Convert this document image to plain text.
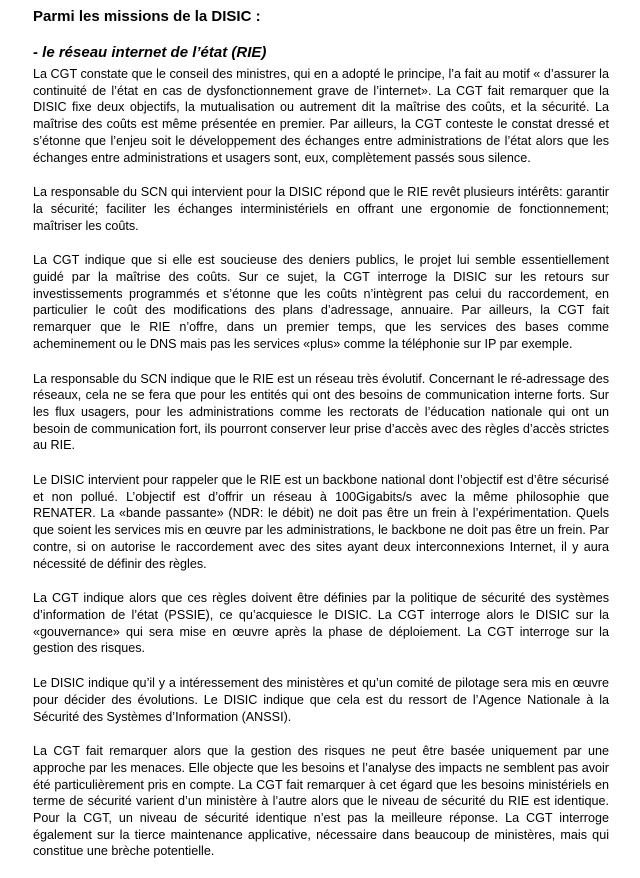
Parmi les missions de la DISIC :
- le réseau internet de l’état (RIE)

La CGT constate que le conseil des ministres, qui en a adopté le principe, l’a fait au motif « d’assurer la continuité de l’état en cas de dysfonctionnement grave de l’internet». La CGT fait remarquer que la DISIC fixe deux objectifs, la mutualisation ou autrement dit la maîtrise des coûts, et la sécurité. La maîtrise des coûts est même présentée en premier. Par ailleurs, la CGT conteste le constat dressé et s’étonne que l’enjeu soit le développement des échanges entre administrations de l’état alors que les échanges entre administrations et usagers sont, eux, complètement passés sous silence.

La responsable du SCN qui intervient pour la DISIC répond que le RIE revêt plusieurs intérêts: garantir la sécurité; faciliter les échanges interministériels en offrant une ergonomie de fonctionnement; maîtriser les coûts.

La CGT indique que si elle est soucieuse des deniers publics, le projet lui semble essentiellement guidé par la maîtrise des coûts. Sur ce sujet, la CGT interroge la DISIC sur les retours sur investissements programmés et s’étonne que les coûts n’intègrent pas celui du raccordement, en particulier le coût des modifications des plans d’adressage, annuaire. Par ailleurs, la CGT fait remarquer que le RIE n’offre, dans un premier temps, que les services des bases comme acheminement ou le DNS mais pas les services «plus» comme la téléphonie sur IP par exemple.

La responsable du SCN indique que le RIE est un réseau très évolutif. Concernant le ré-adressage des réseaux, cela ne se fera que pour les entités qui ont des besoins de communication interne forts. Sur les flux usagers, pour les administrations comme les rectorats de l’éducation nationale qui ont un besoin de communication fort, ils pourront conserver leur prise d’accès avec des règles d’accès strictes au RIE.

Le DISIC intervient pour rappeler que le RIE est un backbone national dont l’objectif est d’être sécurisé et non pollué. L’objectif est d’offrir un réseau à 100Gigabits/s avec la même philosophie que RENATER. La «bande passante» (NDR: le débit) ne doit pas être un frein à l’expérimentation. Quels que soient les services mis en œuvre par les administrations, le backbone ne doit pas être un frein. Par contre, si on autorise le raccordement avec des sites ayant deux interconnexions Internet, il y aura nécessité de définir des règles.

La CGT indique alors que ces règles doivent être définies par la politique de sécurité des systèmes d’information de l’état (PSSIE), ce qu’acquiesce le DISIC. La CGT interroge alors le DISIC sur la «gouvernance» qui sera mise en œuvre après la phase de déploiement. La CGT interroge sur la gestion des risques.

Le DISIC indique qu’il y a intéressement des ministères et qu’un comité de pilotage sera mis en œuvre pour décider des évolutions. Le DISIC indique que cela est du ressort de l’Agence Nationale à la Sécurité des Systèmes d’Information (ANSSI).

La CGT fait remarquer alors que la gestion des risques ne peut être basée uniquement par une approche par les menaces. Elle objecte que les besoins et l’analyse des impacts ne semblent pas avoir été particulièrement pris en compte. La CGT fait remarquer à cet égard que les besoins ministériels en terme de sécurité varient d’un ministère à l’autre alors que le niveau de sécurité du RIE est identique. Pour la CGT, un niveau de sécurité identique n’est pas la meilleure réponse. La CGT interroge également sur la tierce maintenance applicative, nécessaire dans beaucoup de ministères, mais qui constitue une brèche potentielle.
